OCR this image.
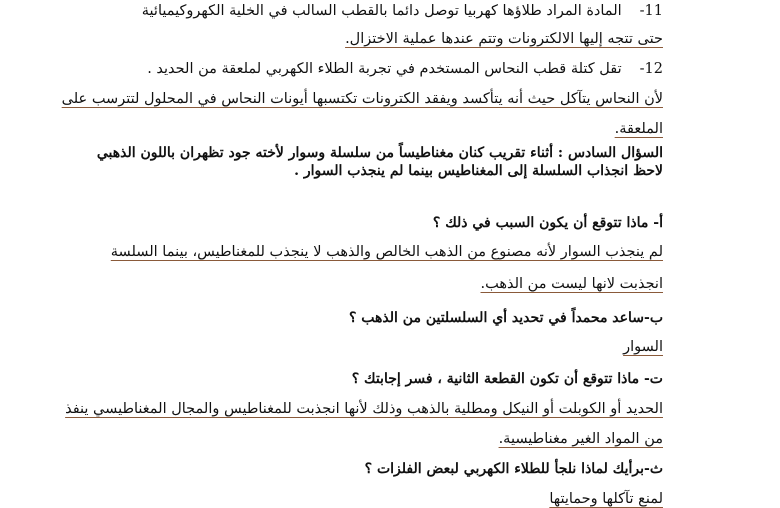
11-المادة المراد طلاؤها كهربيا توصل دائما بالقطب السالب في الخلية الكهروكيميائية
حتى تتجه إليها الالكترونات وتتم عندها عملية الاختزال.
12-تقل كتلة قطب النحاس المستخدم في تجربة الطلاء الكهربي لملعقة من الحديد .
لأن النحاس يتآكل حيث أنه يتأكسد ويفقد الكترونات تكتسبها أيونات النحاس في المحلول لتترسب على
الملعقة.
السؤال السادس : أثناء تقريب كنان مغناطيساً من سلسلة وسوار لأخته جود تظهران باللون الذهبي
لاحظ انجذاب السلسلة إلى المغناطيس بينما لم ينجذب السوار .
أ- ماذا تتوقع أن يكون السبب في ذلك ؟
لم ينجذب السوار لأنه مصنوع من الذهب الخالص والذهب لا ينجذب للمغناطيس، بينما السلسة
انجذبت لانها ليست من الذهب.
ب-ساعد محمداً في تحديد أي السلسلتين من الذهب ؟
السوار
ت- ماذا تتوقع أن تكون القطعة الثانية ، فسر إجابتك ؟
الحديد أو الكوبلت أو النيكل ومطلية بالذهب وذلك لأنها انجذبت للمغناطيس والمجال المغناطيسي ينفذ
من المواد الغير مغناطيسية.
ث-برأيك لماذا نلجأ للطلاء الكهربي لبعض الفلزات ؟
لمنع تآكلها وحمايتها
